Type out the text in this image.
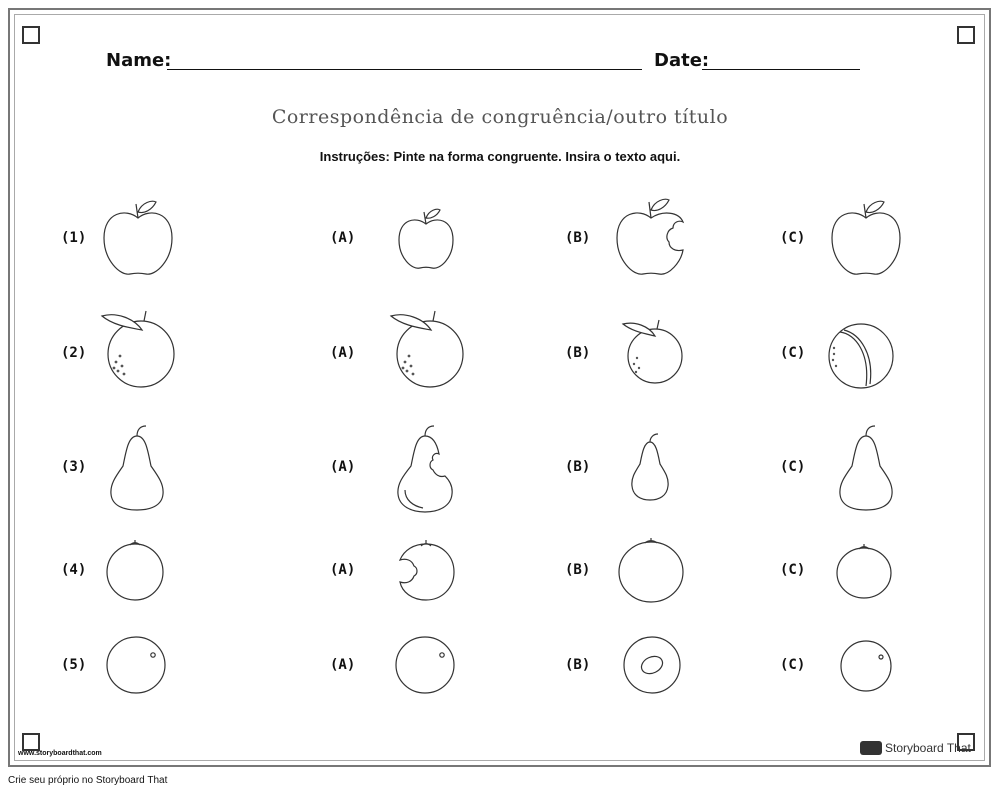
Name:	Date:
Correspondência de congruência/outro título
Instruções: Pinte na forma congruente. Insira o texto aqui.
(1)	(A)	(B)	(C)
(2)	(A)	(B)	(C)
(3)	(A)	(B)	(C)
(4)	(A)	(B)	(C)
(5)	(A)	(B)	(C)
www.storyboardthat.com	Storyboard That
Crie seu próprio no Storyboard That
